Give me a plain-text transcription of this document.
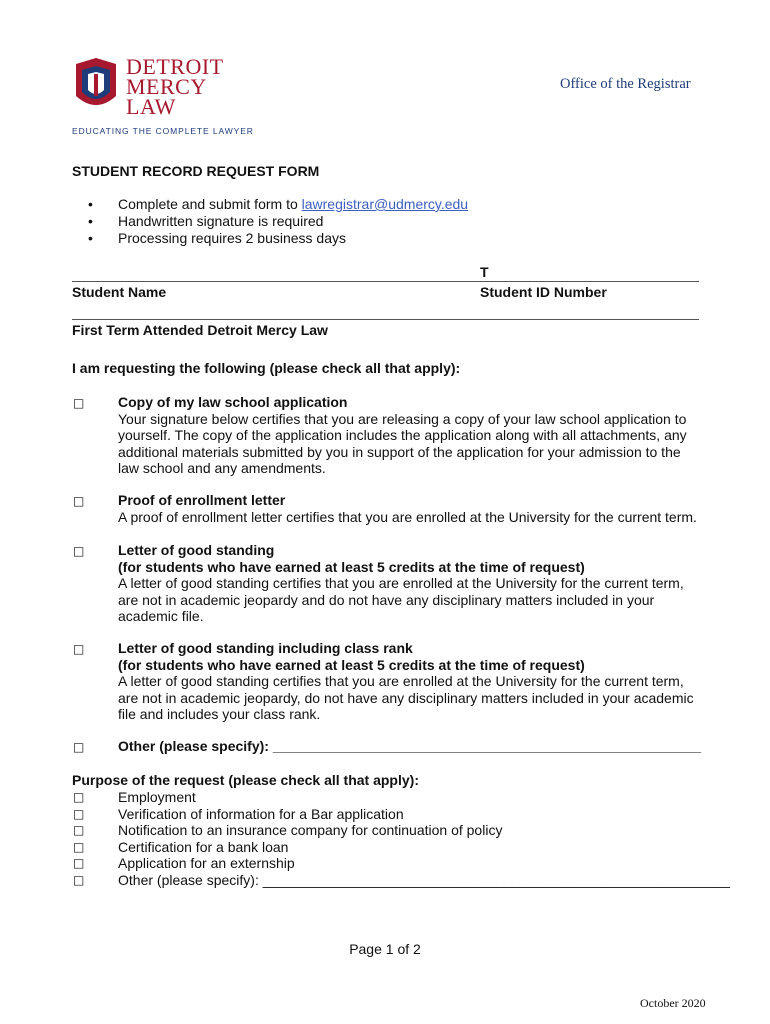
DETROIT
MERCY
LAW
EDUCATING THE COMPLETE LAWYER
Office of the Registrar
STUDENT RECORD REQUEST FORM
• Complete and submit form to lawregistrar@udmercy.edu
• Handwritten signature is required
• Processing requires 2 business days
T
Student Name	Student ID Number
First Term Attended Detroit Mercy Law
I am requesting the following (please check all that apply):
□ Copy of my law school application
Your signature below certifies that you are releasing a copy of your law school application to yourself. The copy of the application includes the application along with all attachments, any additional materials submitted by you in support of the application for your admission to the law school and any amendments.
□ Proof of enrollment letter
A proof of enrollment letter certifies that you are enrolled at the University for the current term.
□ Letter of good standing
(for students who have earned at least 5 credits at the time of request)
A letter of good standing certifies that you are enrolled at the University for the current term, are not in academic jeopardy and do not have any disciplinary matters included in your academic file.
□ Letter of good standing including class rank
(for students who have earned at least 5 credits at the time of request)
A letter of good standing certifies that you are enrolled at the University for the current term, are not in academic jeopardy, do not have any disciplinary matters included in your academic file and includes your class rank.
□ Other (please specify): _______________________________________________________
Purpose of the request (please check all that apply):
□ Employment
□ Verification of information for a Bar application
□ Notification to an insurance company for continuation of policy
□ Certification for a bank loan
□ Application for an externship
□ Other (please specify): ____________________________________________________________
Page 1 of 2
October 2020
